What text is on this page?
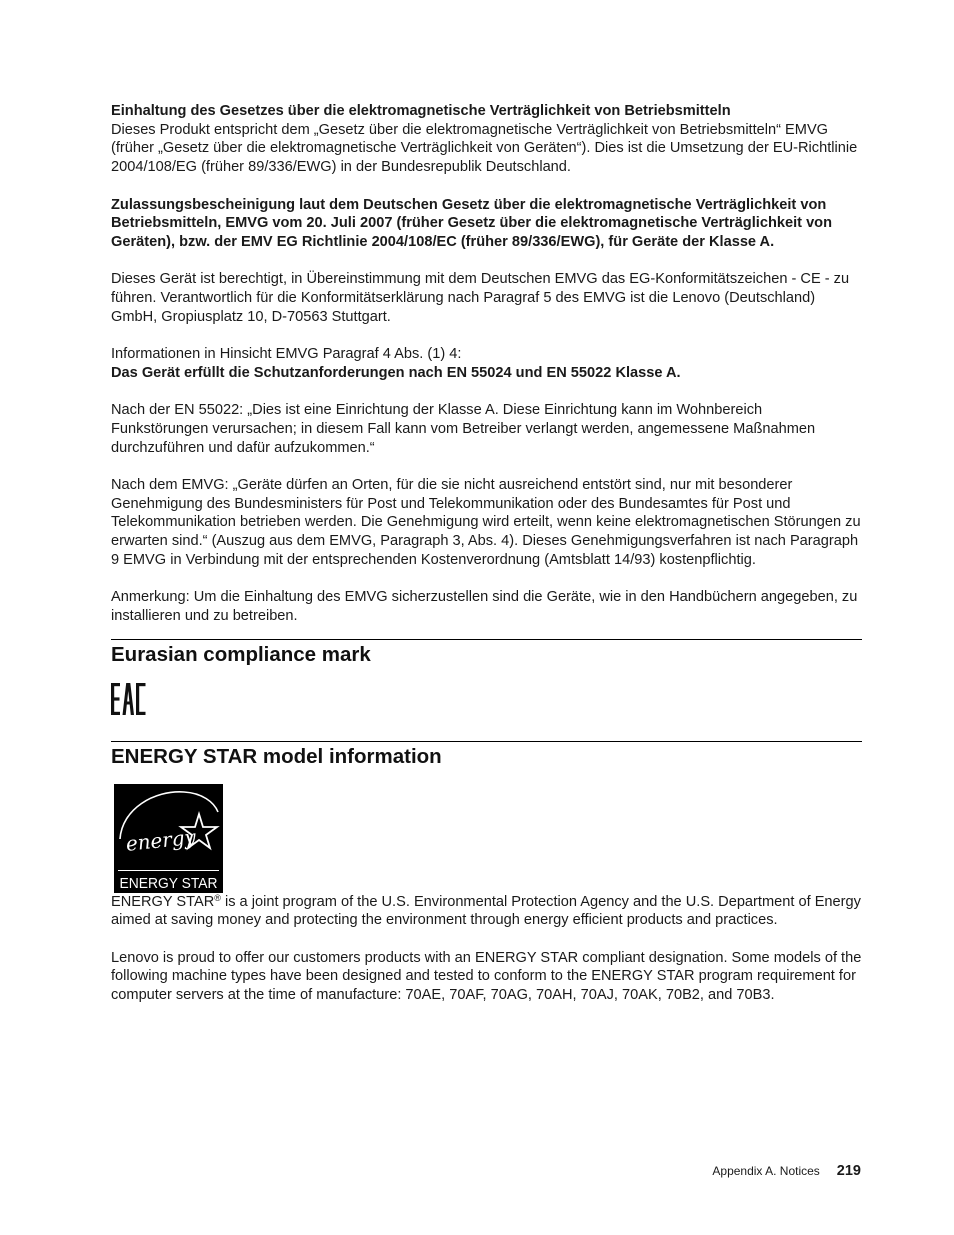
Einhaltung des Gesetzes über die elektromagnetische Verträglichkeit von Betriebsmitteln
Dieses Produkt entspricht dem „Gesetz über die elektromagnetische Verträglichkeit von Betriebsmitteln“ EMVG (früher „Gesetz über die elektromagnetische Verträglichkeit von Geräten“). Dies ist die Umsetzung der EU-Richtlinie 2004/108/EG (früher 89/336/EWG) in der Bundesrepublik Deutschland.

Zulassungsbescheinigung laut dem Deutschen Gesetz über die elektromagnetische Verträglichkeit von Betriebsmitteln, EMVG vom 20. Juli 2007 (früher Gesetz über die elektromagnetische Verträglichkeit von Geräten), bzw. der EMV EG Richtlinie 2004/108/EC (früher 89/336/EWG), für Geräte der Klasse A.

Dieses Gerät ist berechtigt, in Übereinstimmung mit dem Deutschen EMVG das EG-Konformitätszeichen - CE - zu führen. Verantwortlich für die Konformitätserklärung nach Paragraf 5 des EMVG ist die Lenovo (Deutschland) GmbH, Gropiusplatz 10, D-70563 Stuttgart.

Informationen in Hinsicht EMVG Paragraf 4 Abs. (1) 4:
Das Gerät erfüllt die Schutzanforderungen nach EN 55024 und EN 55022 Klasse A.

Nach der EN 55022: „Dies ist eine Einrichtung der Klasse A. Diese Einrichtung kann im Wohnbereich Funkstörungen verursachen; in diesem Fall kann vom Betreiber verlangt werden, angemessene Maßnahmen durchzuführen und dafür aufzukommen.“

Nach dem EMVG: „Geräte dürfen an Orten, für die sie nicht ausreichend entstört sind, nur mit besonderer Genehmigung des Bundesministers für Post und Telekommunikation oder des Bundesamtes für Post und Telekommunikation betrieben werden. Die Genehmigung wird erteilt, wenn keine elektromagnetischen Störungen zu erwarten sind.“ (Auszug aus dem EMVG, Paragraph 3, Abs. 4). Dieses Genehmigungsverfahren ist nach Paragraph 9 EMVG in Verbindung mit der entsprechenden Kostenverordnung (Amtsblatt 14/93) kostenpflichtig.

Anmerkung: Um die Einhaltung des EMVG sicherzustellen sind die Geräte, wie in den Handbüchern angegeben, zu installieren und zu betreiben.

Eurasian compliance mark
ENERGY STAR model information
energy
ENERGY STAR

ENERGY STAR® is a joint program of the U.S. Environmental Protection Agency and the U.S. Department of Energy aimed at saving money and protecting the environment through energy efficient products and practices.

Lenovo is proud to offer our customers products with an ENERGY STAR compliant designation. Some models of the following machine types have been designed and tested to conform to the ENERGY STAR program requirement for computer servers at the time of manufacture: 70AE, 70AF, 70AG, 70AH, 70AJ, 70AK, 70B2, and 70B3.

Appendix A. Notices 219
